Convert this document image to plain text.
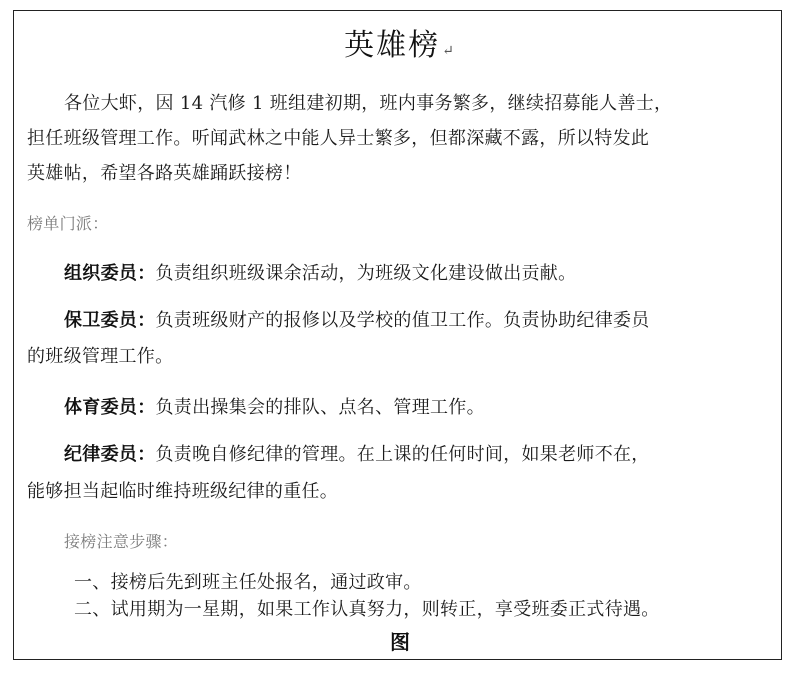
英雄榜 ↵
各位大虾，因 14 汽修 1 班组建初期，班内事务繁多，继续招募能人善士，
担任班级管理工作。听闻武林之中能人异士繁多，但都深藏不露，所以特发此
英雄帖，希望各路英雄踊跃接榜！
榜单门派：
组织委员：负责组织班级课余活动，为班级文化建设做出贡献。
保卫委员：负责班级财产的报修以及学校的值卫工作。负责协助纪律委员
的班级管理工作。
体育委员：负责出操集会的排队、点名、管理工作。
纪律委员：负责晚自修纪律的管理。在上课的任何时间，如果老师不在，
能够担当起临时维持班级纪律的重任。
接榜注意步骤：
一、接榜后先到班主任处报名，通过政审。
二、试用期为一星期，如果工作认真努力，则转正，享受班委正式待遇。
图
